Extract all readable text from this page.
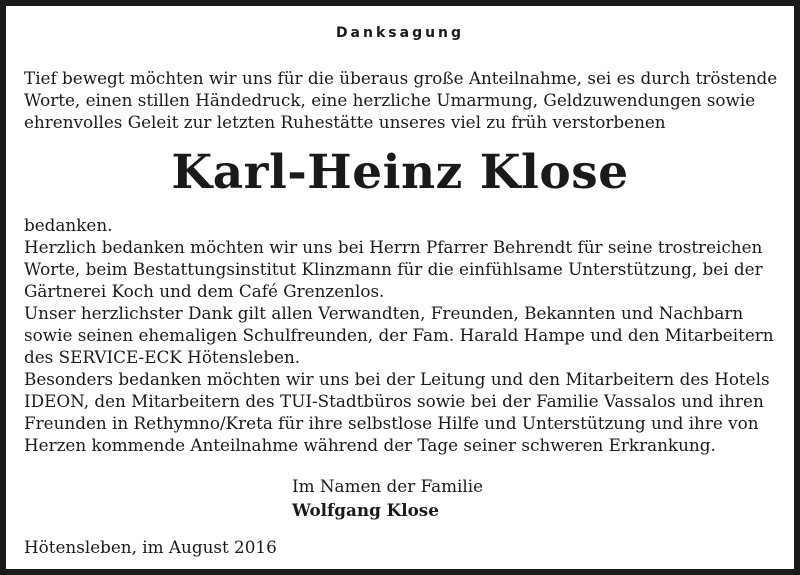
Danksagung

Tief bewegt möchten wir uns für die überaus große Anteilnahme, sei es durch tröstende
Worte, einen stillen Händedruck, eine herzliche Umarmung, Geldzuwendungen sowie
ehrenvolles Geleit zur letzten Ruhestätte unseres viel zu früh verstorbenen

Karl-Heinz Klose

bedanken.
Herzlich bedanken möchten wir uns bei Herrn Pfarrer Behrendt für seine trostreichen
Worte, beim Bestattungsinstitut Klinzmann für die einfühlsame Unterstützung, bei der
Gärtnerei Koch und dem Café Grenzenlos.
Unser herzlichster Dank gilt allen Verwandten, Freunden, Bekannten und Nachbarn
sowie seinen ehemaligen Schulfreunden, der Fam. Harald Hampe und den Mitarbeitern
des SERVICE-ECK Hötensleben.
Besonders bedanken möchten wir uns bei der Leitung und den Mitarbeitern des Hotels
IDEON, den Mitarbeitern des TUI-Stadtbüros sowie bei der Familie Vassalos und ihren
Freunden in Rethymno/Kreta für ihre selbstlose Hilfe und Unterstützung und ihre von
Herzen kommende Anteilnahme während der Tage seiner schweren Erkrankung.

Im Namen der Familie
Wolfgang Klose
Hötensleben, im August 2016
